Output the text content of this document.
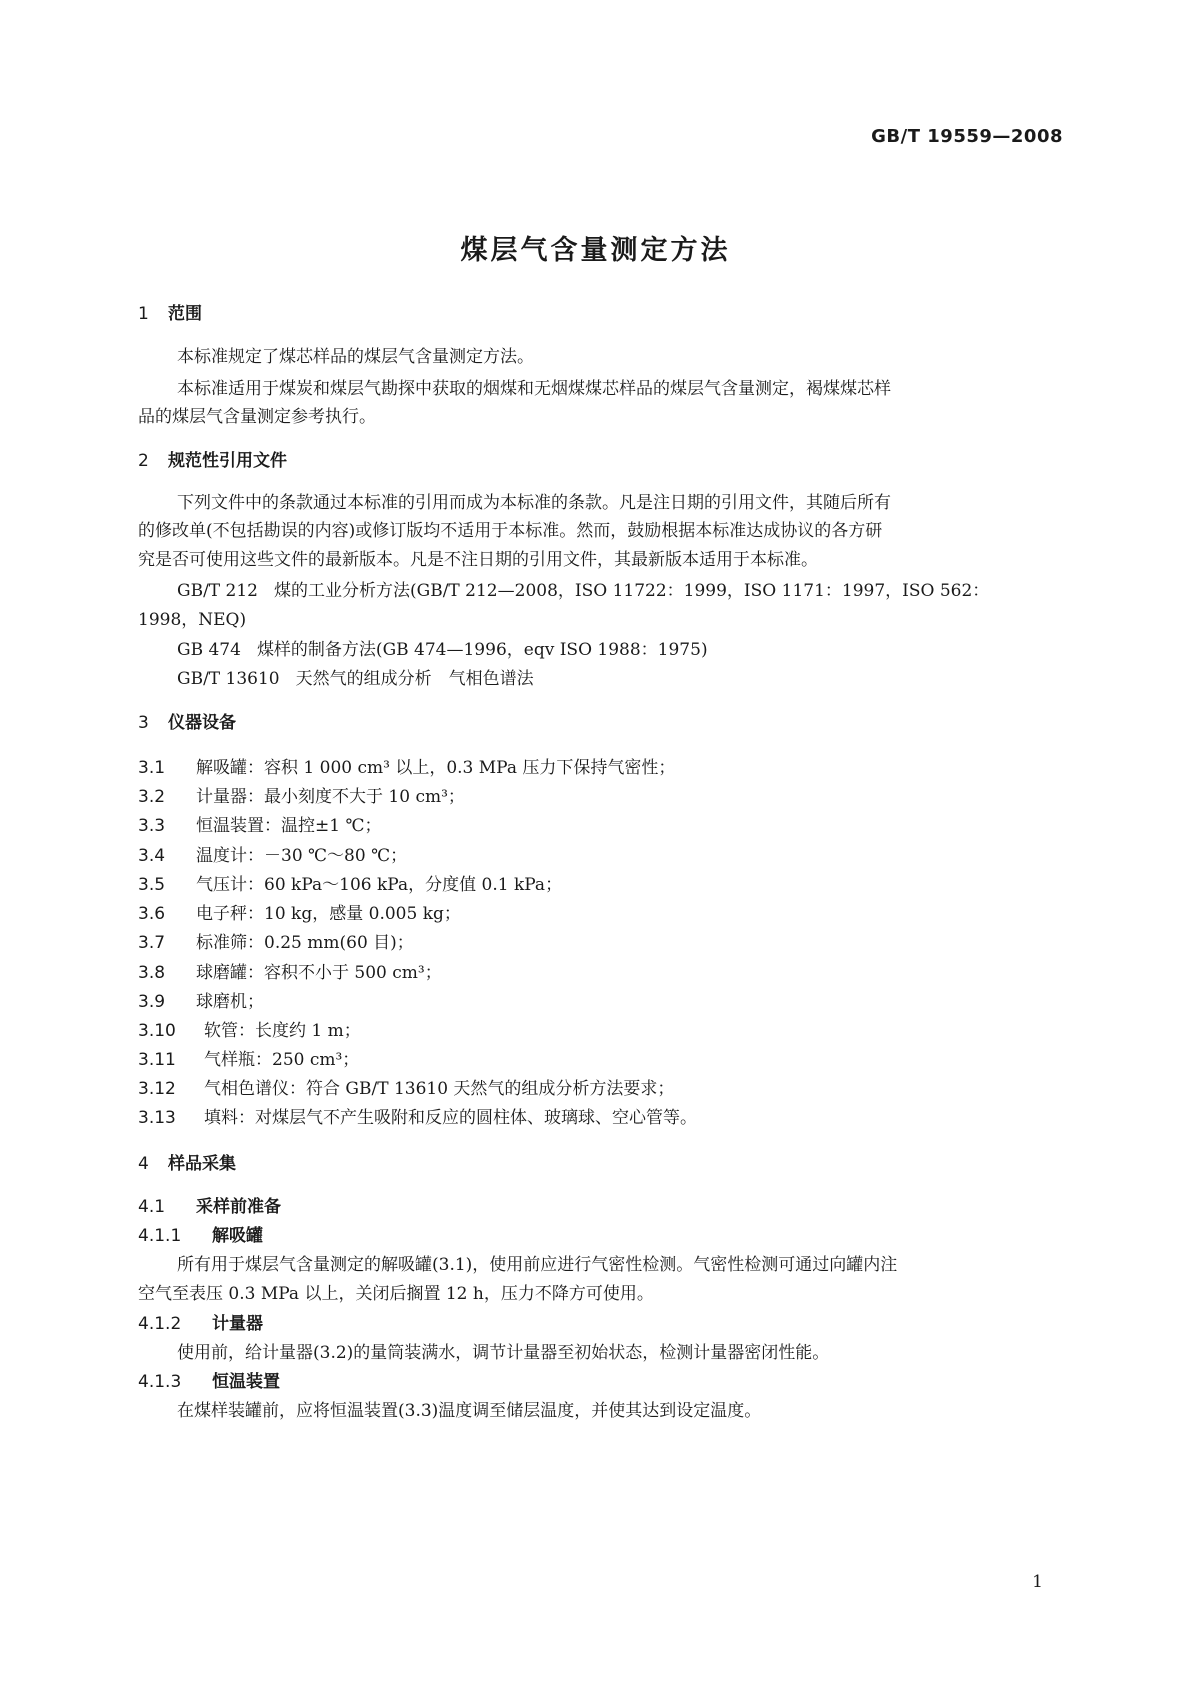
GB/T 19559—2008
煤层气含量测定方法
1 范围
本标准规定了煤芯样品的煤层气含量测定方法。
本标准适用于煤炭和煤层气勘探中获取的烟煤和无烟煤煤芯样品的煤层气含量测定，褐煤煤芯样
品的煤层气含量测定参考执行。
2 规范性引用文件
下列文件中的条款通过本标准的引用而成为本标准的条款。凡是注日期的引用文件，其随后所有
的修改单(不包括勘误的内容)或修订版均不适用于本标准。然而，鼓励根据本标准达成协议的各方研
究是否可使用这些文件的最新版本。凡是不注日期的引用文件，其最新版本适用于本标准。
GB/T 212 煤的工业分析方法(GB/T 212—2008，ISO 11722：1999，ISO 1171：1997，ISO 562：
1998，NEQ)
GB 474 煤样的制备方法(GB 474—1996，eqv ISO 1988：1975)
GB/T 13610 天然气的组成分析　气相色谱法
3 仪器设备
3.1 解吸罐：容积 1 000 cm³ 以上，0.3 MPa 压力下保持气密性；
3.2 计量器：最小刻度不大于 10 cm³；
3.3 恒温装置：温控±1 ℃；
3.4 温度计：－30 ℃～80 ℃；
3.5 气压计：60 kPa～106 kPa，分度值 0.1 kPa；
3.6 电子秤：10 kg，感量 0.005 kg；
3.7 标准筛：0.25 mm(60 目)；
3.8 球磨罐：容积不小于 500 cm³；
3.9 球磨机；
3.10 软管：长度约 1 m；
3.11 气样瓶：250 cm³；
3.12 气相色谱仪：符合 GB/T 13610 天然气的组成分析方法要求；
3.13 填料：对煤层气不产生吸附和反应的圆柱体、玻璃球、空心管等。
4 样品采集
4.1 采样前准备
4.1.1 解吸罐
所有用于煤层气含量测定的解吸罐(3.1)，使用前应进行气密性检测。气密性检测可通过向罐内注
空气至表压 0.3 MPa 以上，关闭后搁置 12 h，压力不降方可使用。
4.1.2 计量器
使用前，给计量器(3.2)的量筒装满水，调节计量器至初始状态，检测计量器密闭性能。
4.1.3 恒温装置
在煤样装罐前，应将恒温装置(3.3)温度调至储层温度，并使其达到设定温度。
1
